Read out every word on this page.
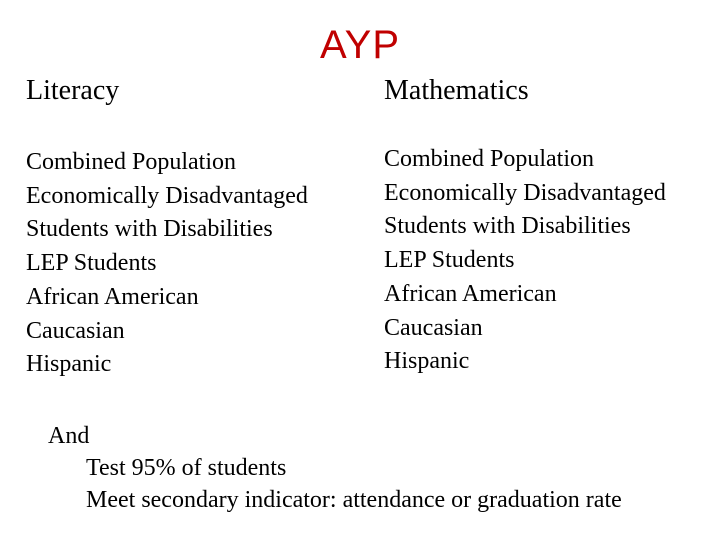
AYP
Literacy	Mathematics
Combined Population
Economically Disadvantaged
Students with Disabilities
LEP Students
African American
Caucasian
Hispanic
Combined Population
Economically Disadvantaged
Students with Disabilities
LEP Students
African American
Caucasian
Hispanic
And
Test 95% of students
Meet secondary indicator: attendance or graduation rate
